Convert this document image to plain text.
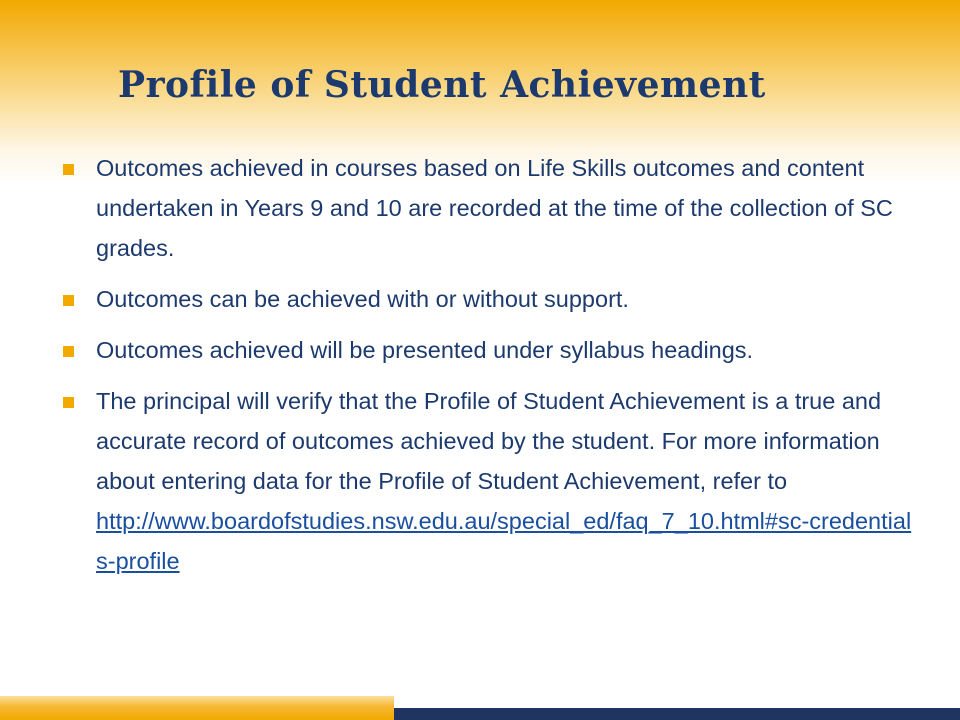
Profile of Student Achievement
Outcomes achieved in courses based on Life Skills outcomes and content undertaken in Years 9 and 10 are recorded at the time of the collection of SC grades.
Outcomes can be achieved with or without support.
Outcomes achieved will be presented under syllabus headings.
The principal will verify that the Profile of Student Achievement is a true and accurate record of outcomes achieved by the student. For more information about entering data for the Profile of Student Achievement, refer to
http://www.boardofstudies.nsw.edu.au/special_ed/faq_7_10.html#sc-credentials-profile
